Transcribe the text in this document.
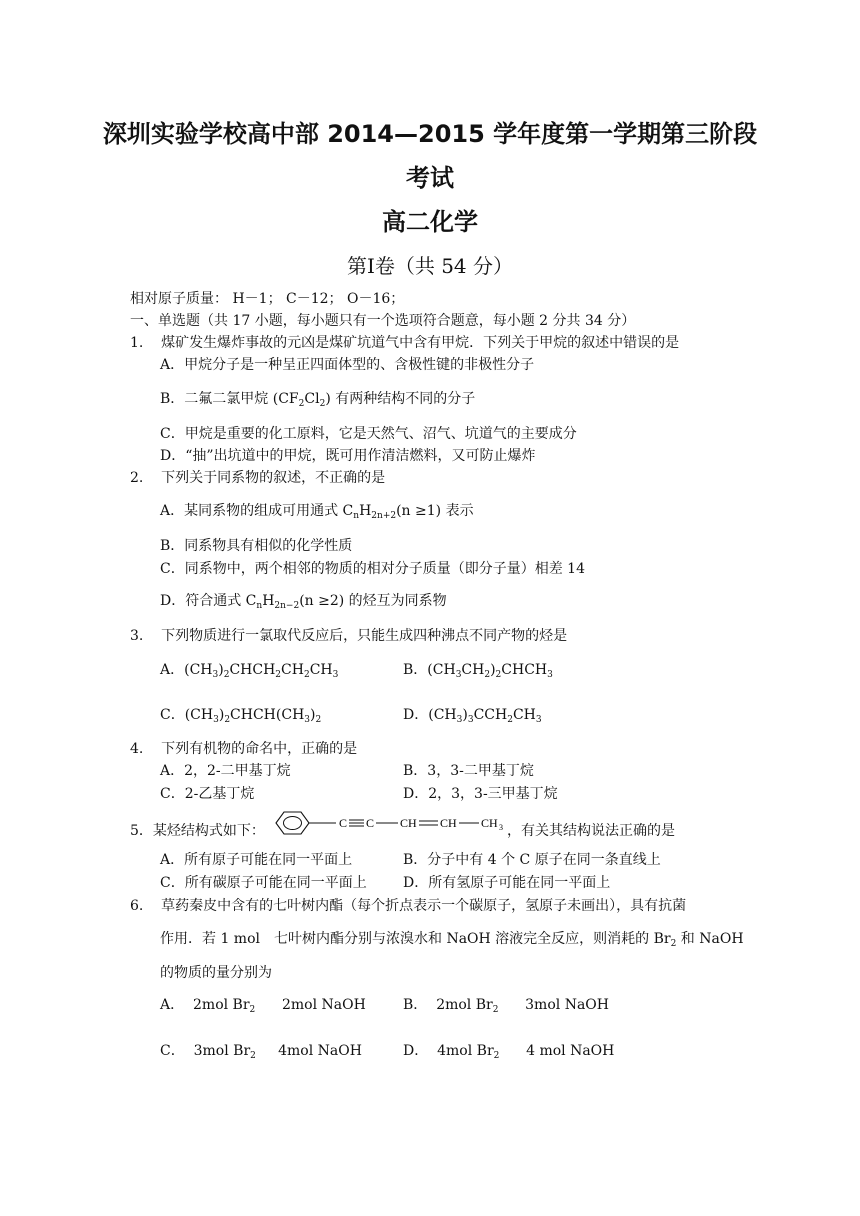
深圳实验学校高中部 2014—2015 学年度第一学期第三阶段
考试
高二化学
第Ⅰ卷（共 54 分）
相对原子质量： H－1； C－12； O－16；
一、单选题（共 17 小题，每小题只有一个选项符合题意，每小题 2 分共 34 分）
1. 煤矿发生爆炸事故的元凶是煤矿坑道气中含有甲烷．下列关于甲烷的叙述中错误的是
A．甲烷分子是一种呈正四面体型的、含极性键的非极性分子
B．二氟二氯甲烷 $(CF_2Cl_2)$ 有两种结构不同的分子
C．甲烷是重要的化工原料，它是天然气、沼气、坑道气的主要成分
D．“抽”出坑道中的甲烷，既可用作清洁燃料，又可防止爆炸
2. 下列关于同系物的叙述，不正确的是
A．某同系物的组成可用通式 $C_nH_{2n+2}(n \ge 1)$ 表示
B．同系物具有相似的化学性质
C．同系物中，两个相邻的物质的相对分子质量（即分子量）相差 14
D．符合通式 $C_nH_{2n-2}(n \ge 2)$ 的烃互为同系物
3. 下列物质进行一氯取代反应后，只能生成四种沸点不同产物的烃是
A．$(CH_3)_2CHCH_2CH_2CH_3$	B．$(CH_3CH_2)_2CHCH_3$
C．$(CH_3)_2CHCH(CH_3)_2$	D．$(CH_3)_3CCH_2CH_3$
4. 下列有机物的命名中，正确的是
A．2，2-二甲基丁烷	B．3，3-二甲基丁烷
C．2-乙基丁烷	D．2，3，3-三甲基丁烷
5．某烃结构式如下：	C C CH CH CH 3 ，有关其结构说法正确的是
A．所有原子可能在同一平面上	B．分子中有 4 个 C 原子在同一条直线上
C．所有碳原子可能在同一平面上	D．所有氢原子可能在同一平面上
6. 草药秦皮中含有的七叶树内酯（每个折点表示一个碳原子，氢原子未画出），具有抗菌
作用．若 1 mol　七叶树内酯分别与浓溴水和 NaOH 溶液完全反应，则消耗的 $Br_2$ 和 NaOH
的物质的量分别为
A．  2mol $Br_2$      2mol NaOH	B．  2mol $Br_2$      3mol NaOH
C．  3mol $Br_2$     4mol NaOH	D．  4mol $Br_2$      4 mol NaOH
